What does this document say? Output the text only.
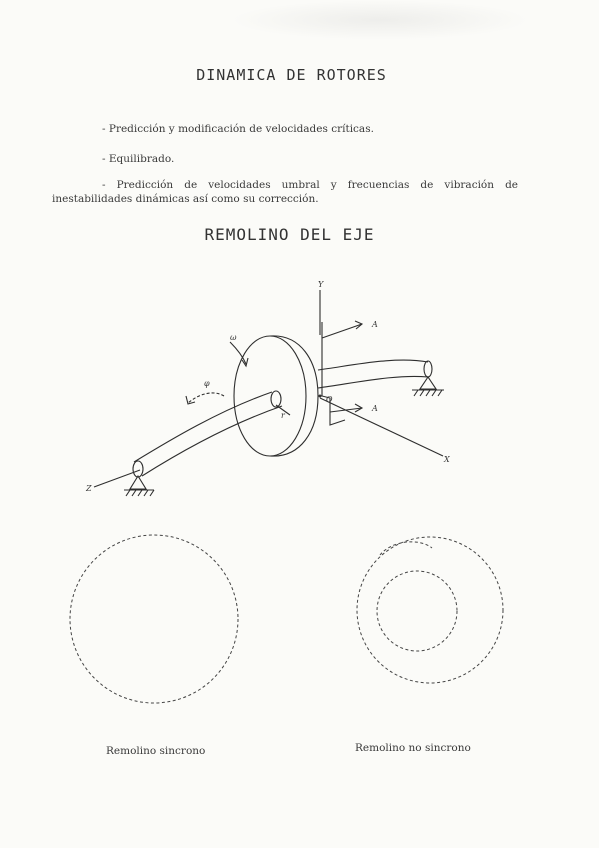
DINAMICA DE ROTORES

- Predicción y modificación de velocidades críticas.

- Equilibrado.

- Predicción de velocidades umbral y frecuencias de vibración de inestabilidades dinámicas así como su corrección.

REMOLINO DEL EJE
Y
X
Z
A
A
O
r
ω
φ

Remolino sincrono	Remolino no sincrono
